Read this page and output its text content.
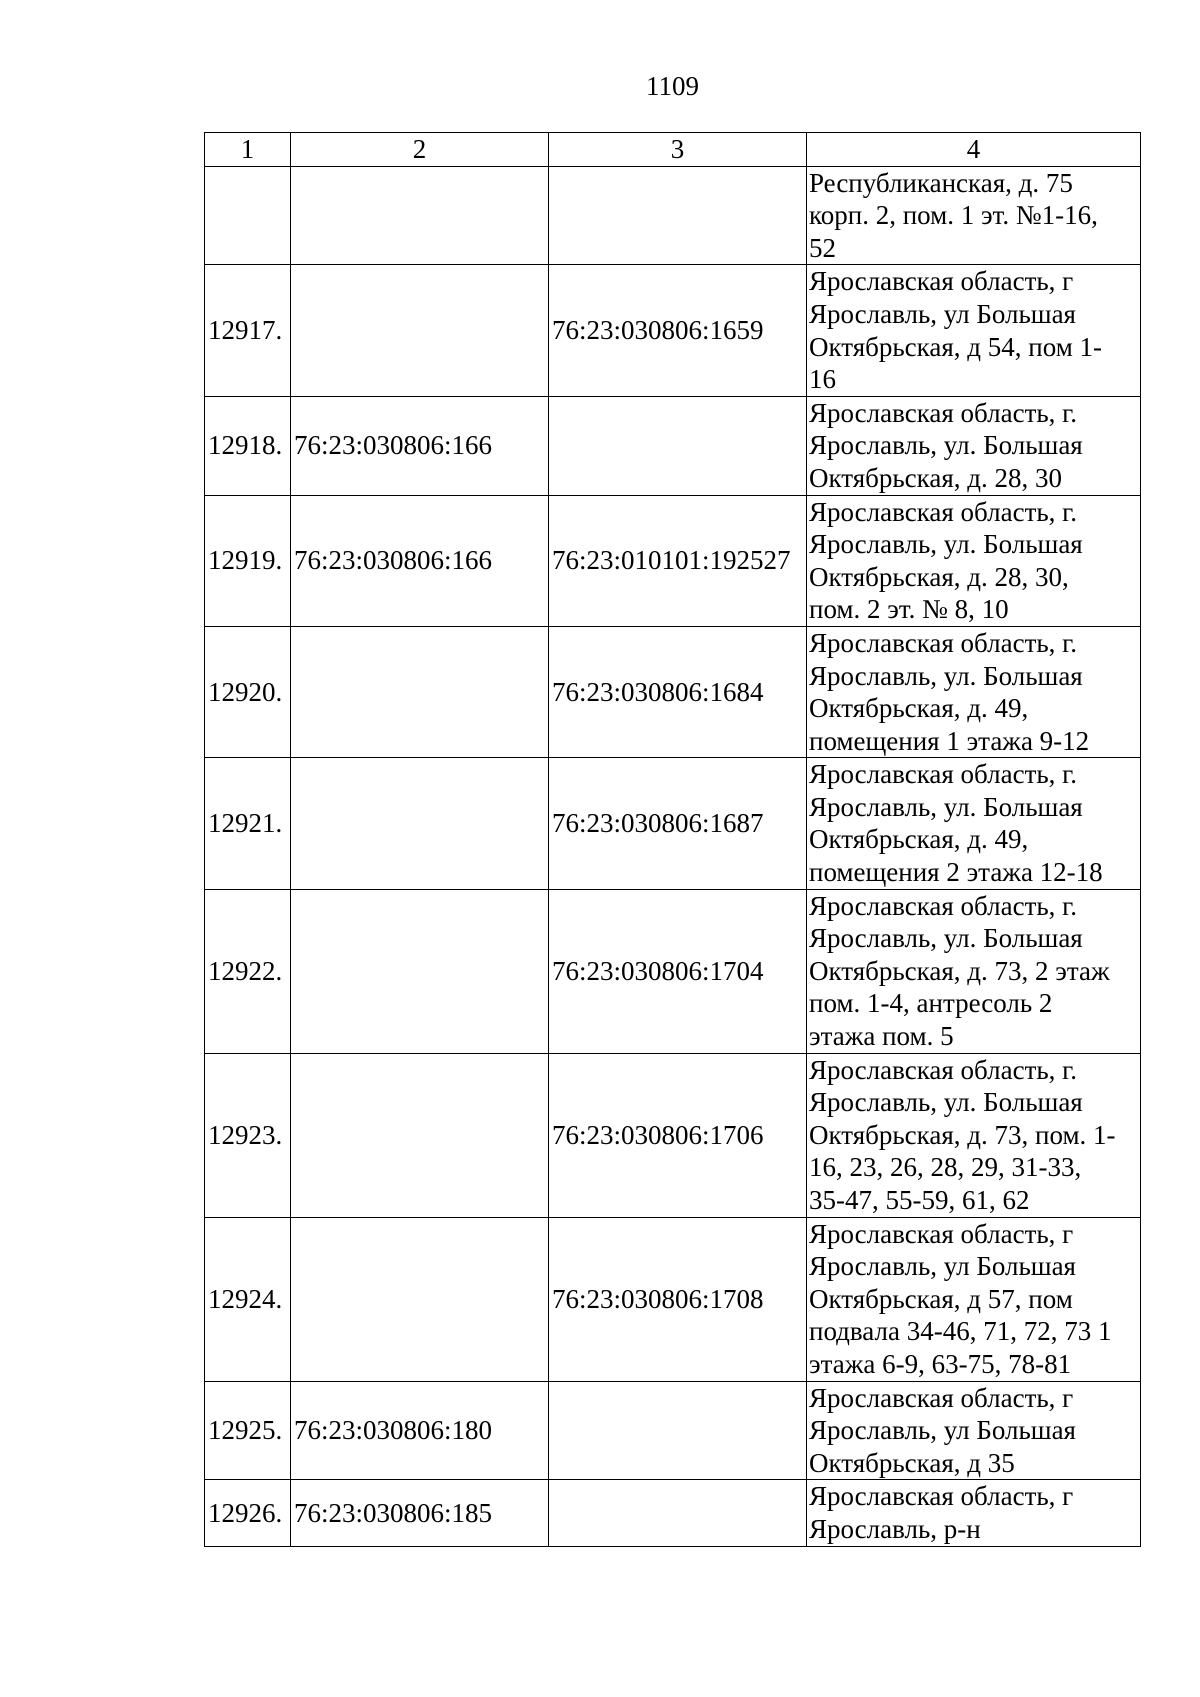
1109
1	2	3	4

			Республиканская, д. 75
корп. 2, пом. 1 эт. №1-16,
52

12917.		76:23:030806:1659	Ярославская область, г
Ярославль, ул Большая
Октябрьская, д 54, пом 1-
16

12918.	76:23:030806:166		Ярославская область, г.
Ярославль, ул. Большая
Октябрьская, д. 28, 30

12919.	76:23:030806:166	76:23:010101:192527	Ярославская область, г.
Ярославль, ул. Большая
Октябрьская, д. 28, 30,
пом. 2 эт. № 8, 10

12920.		76:23:030806:1684	Ярославская область, г.
Ярославль, ул. Большая
Октябрьская, д. 49,
помещения 1 этажа 9-12

12921.		76:23:030806:1687	Ярославская область, г.
Ярославль, ул. Большая
Октябрьская, д. 49,
помещения 2 этажа 12-18

12922.		76:23:030806:1704	Ярославская область, г.
Ярославль, ул. Большая
Октябрьская, д. 73, 2 этаж
пом. 1-4, антресоль 2
этажа пом. 5

12923.		76:23:030806:1706	Ярославская область, г.
Ярославль, ул. Большая
Октябрьская, д. 73, пом. 1-
16, 23, 26, 28, 29, 31-33,
35-47, 55-59, 61, 62

12924.		76:23:030806:1708	Ярославская область, г
Ярославль, ул Большая
Октябрьская, д 57, пом
подвала 34-46, 71, 72, 73 1
этажа 6-9, 63-75, 78-81

12925.	76:23:030806:180		Ярославская область, г
Ярославль, ул Большая
Октябрьская, д 35

12926.	76:23:030806:185		Ярославская область, г
Ярославль, р-н
